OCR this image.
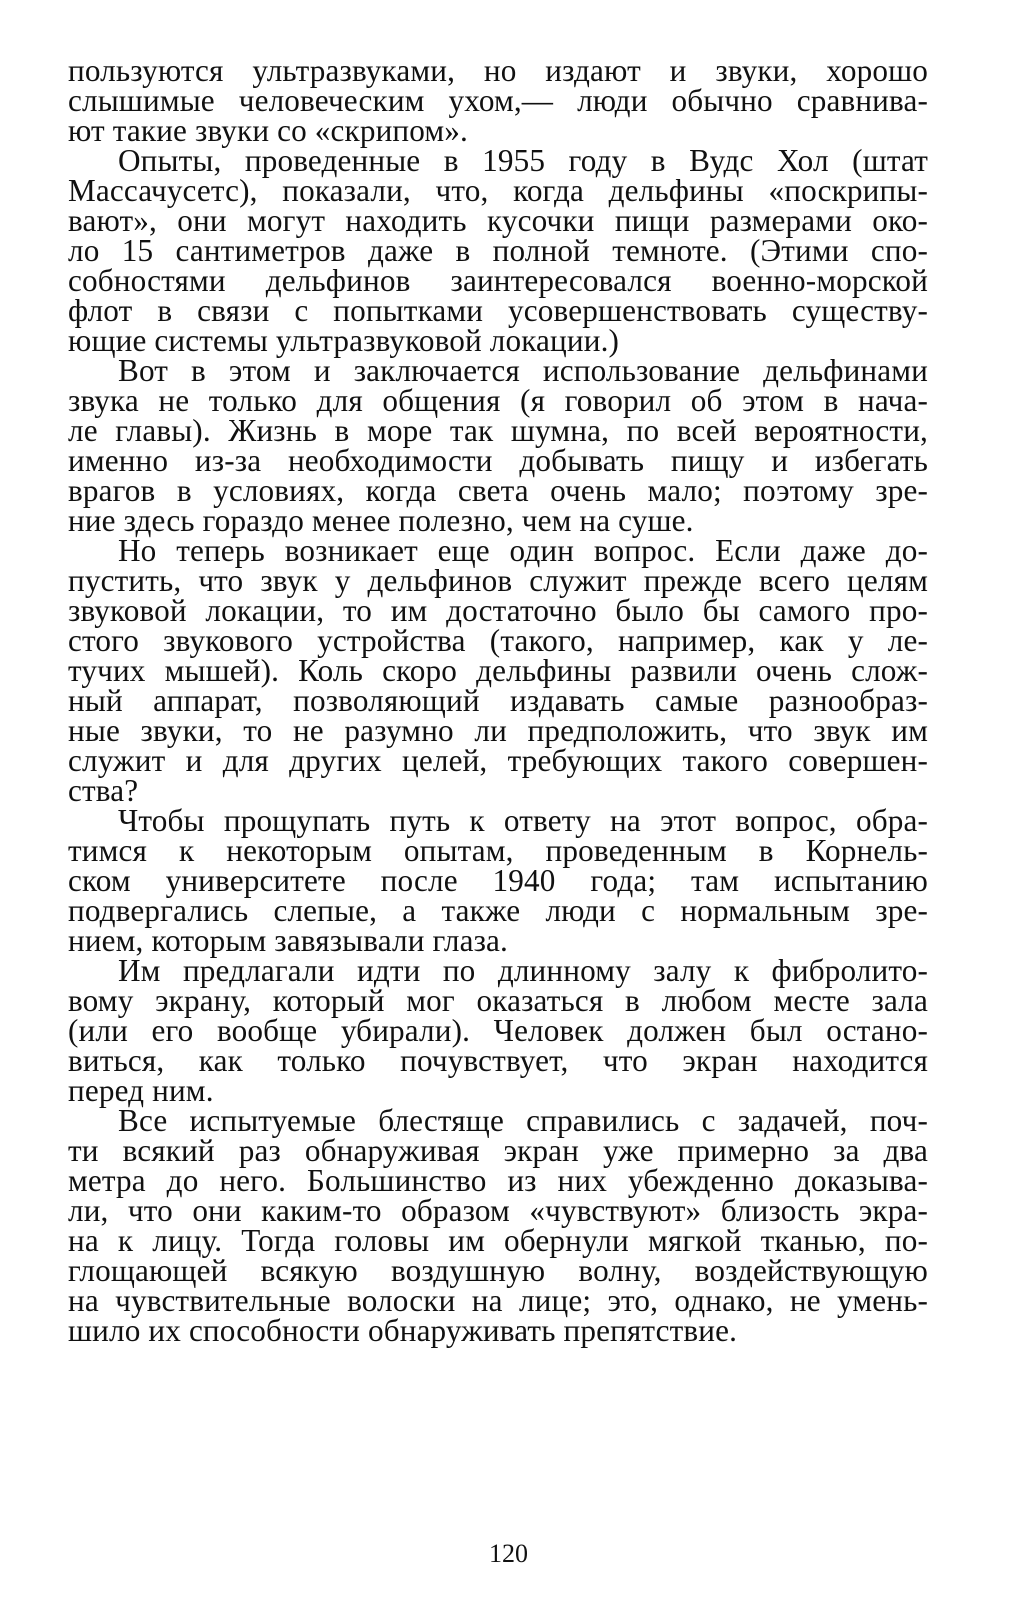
пользуются ультразвуками, но издают и звуки, хорошо
слышимые человеческим ухом,— люди обычно сравнива-
ют такие звуки со «скрипом».

Опыты, проведенные в 1955 году в Вудс Хол (штат
Массачусетс), показали, что, когда дельфины «поскрипы-
вают», они могут находить кусочки пищи размерами око-
ло 15 сантиметров даже в полной темноте. (Этими спо-
собностями дельфинов заинтересовался военно-морской
флот в связи с попытками усовершенствовать существу-
ющие системы ультразвуковой локации.)

Вот в этом и заключается использование дельфинами
звука не только для общения (я говорил об этом в нача-
ле главы). Жизнь в море так шумна, по всей вероятности,
именно из-за необходимости добывать пищу и избегать
врагов в условиях, когда света очень мало; поэтому зре-
ние здесь гораздо менее полезно, чем на суше.

Но теперь возникает еще один вопрос. Если даже до-
пустить, что звук у дельфинов служит прежде всего целям
звуковой локации, то им достаточно было бы самого про-
стого звукового устройства (такого, например, как у ле-
тучих мышей). Коль скоро дельфины развили очень слож-
ный аппарат, позволяющий издавать самые разнообраз-
ные звуки, то не разумно ли предположить, что звук им
служит и для других целей, требующих такого совершен-
ства?

Чтобы прощупать путь к ответу на этот вопрос, обра-
тимся к некоторым опытам, проведенным в Корнель-
ском университете после 1940 года; там испытанию
подвергались слепые, а также люди с нормальным зре-
нием, которым завязывали глаза.

Им предлагали идти по длинному залу к фибролито-
вому экрану, который мог оказаться в любом месте зала
(или его вообще убирали). Человек должен был остано-
виться, как только почувствует, что экран находится
перед ним.

Все испытуемые блестяще справились с задачей, поч-
ти всякий раз обнаруживая экран уже примерно за два
метра до него. Большинство из них убежденно доказыва-
ли, что они каким-то образом «чувствуют» близость экра-
на к лицу. Тогда головы им обернули мягкой тканью, по-
глощающей всякую воздушную волну, воздействующую
на чувствительные волоски на лице; это, однако, не умень-
шило их способности обнаруживать препятствие.

120
